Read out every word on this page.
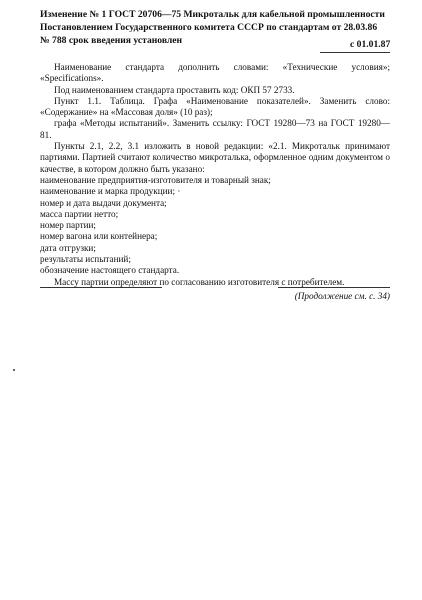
Изменение № 1 ГОСТ 20706—75 Микротальк для кабельной промышленности
Постановлением Государственного комитета СССР по стандартам от 28.03.86
№ 788 срок введения установлен	с 01.01.87

Наименование стандарта дополнить словами: «Технические условия»; «Specifications».

Под наименованием стандарта проставить код: ОКП 57 2733.

Пункт 1.1. Таблица. Графа «Наименование показателей». Заменить слово: «Содержание» на «Массовая доля» (10 раз);

графа «Методы испытаний». Заменить ссылку: ГОСТ 19280—73 на ГОСТ 19280—81.

Пункты 2.1, 2.2, 3.1 изложить в новой редакции: «2.1. Микротальк принимают партиями. Партией считают количество микроталька, оформленное одним документом о качестве, в котором должно быть указано:

наименование предприятия-изготовителя и товарный знак;

наименование и марка продукции; ·

номер и дата выдачи документа;

масса партии нетто;

номер партии;

номер вагона или контейнера;

дата отгрузки;

результаты испытаний;

обозначение настоящего стандарта.

Массу партии определяют по согласованию изготовителя с потребителем.

(Продолжение см. с. 34)
